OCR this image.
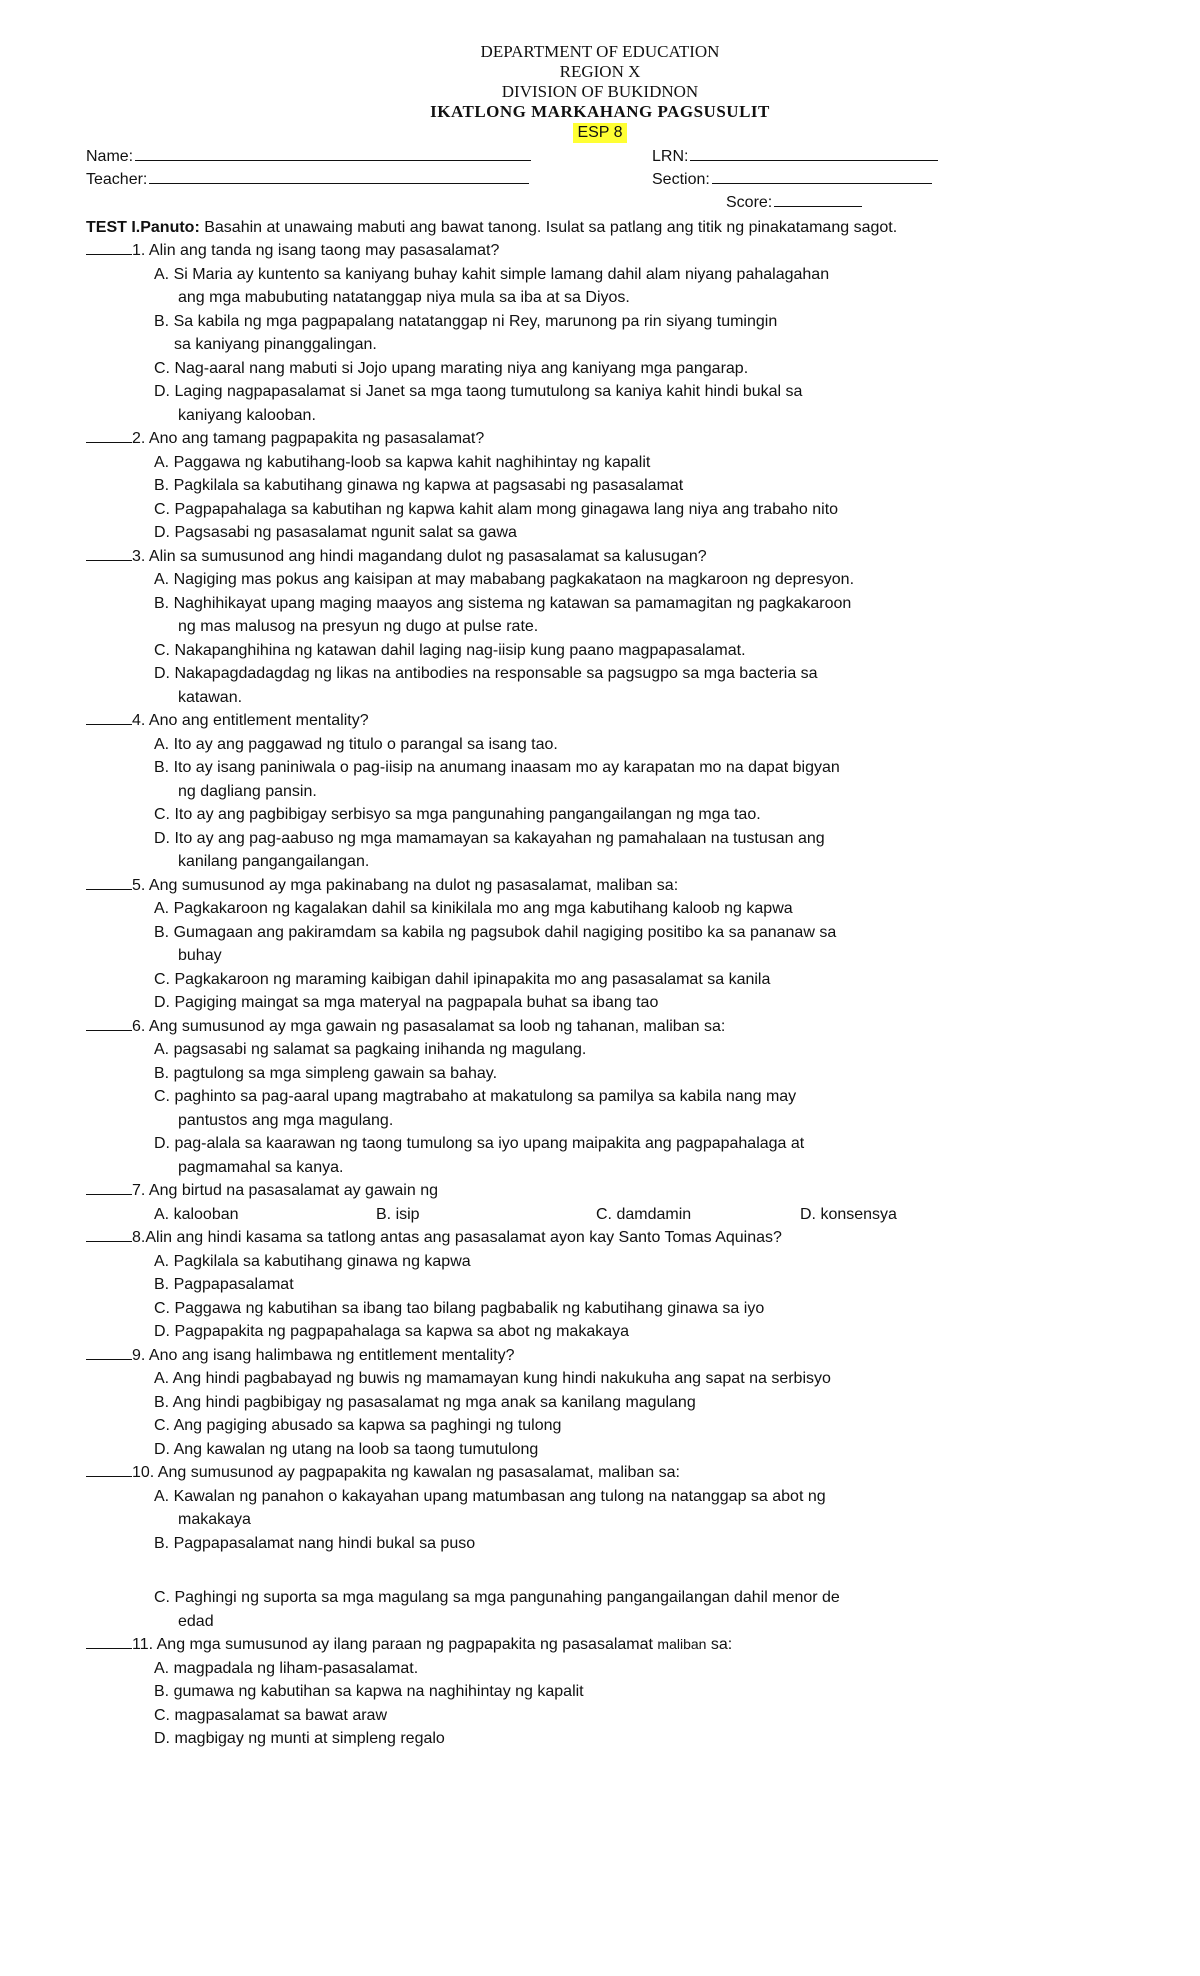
DEPARTMENT OF EDUCATION
REGION X
DIVISION OF BUKIDNON
IKATLONG MARKAHANG PAGSUSULIT
ESP 8
Name:	LRN:
Teacher:	Section:
Score:
TEST I.Panuto: Basahin at unawaing mabuti ang bawat tanong. Isulat sa patlang ang titik ng pinakatamang sagot.
1. Alin ang tanda ng isang taong may pasasalamat?
A. Si Maria ay kuntento sa kaniyang buhay kahit simple lamang dahil alam niyang pahalagahan
ang mga mabubuting natatanggap niya mula sa iba at sa Diyos.
B. Sa kabila ng mga pagpapalang natatanggap ni Rey, marunong pa rin siyang tumingin
sa kaniyang pinanggalingan.
C. Nag-aaral nang mabuti si Jojo upang marating niya ang kaniyang mga pangarap.
D. Laging nagpapasalamat si Janet sa mga taong tumutulong sa kaniya kahit hindi bukal sa
kaniyang kalooban.
2. Ano ang tamang pagpapakita ng pasasalamat?
A. Paggawa ng kabutihang-loob sa kapwa kahit naghihintay ng kapalit
B. Pagkilala sa kabutihang ginawa ng kapwa at pagsasabi ng pasasalamat
C. Pagpapahalaga sa kabutihan ng kapwa kahit alam mong ginagawa lang niya ang trabaho nito
D. Pagsasabi ng pasasalamat ngunit salat sa gawa
3. Alin sa sumusunod ang hindi magandang dulot ng pasasalamat sa kalusugan?
A. Nagiging mas pokus ang kaisipan at may mababang pagkakataon na magkaroon ng depresyon.
B. Naghihikayat upang maging maayos ang sistema ng katawan sa pamamagitan ng pagkakaroon
ng mas malusog na presyun ng dugo at pulse rate.
C. Nakapanghihina ng katawan dahil laging nag-iisip kung paano magpapasalamat.
D. Nakapagdadagdag ng likas na antibodies na responsable sa pagsugpo sa mga bacteria sa
katawan.
4. Ano ang entitlement mentality?
A. Ito ay ang paggawad ng titulo o parangal sa isang tao.
B. Ito ay isang paniniwala o pag-iisip na anumang inaasam mo ay karapatan mo na dapat bigyan
ng dagliang pansin.
C. Ito ay ang pagbibigay serbisyo sa mga pangunahing pangangailangan ng mga tao.
D. Ito ay ang pag-aabuso ng mga mamamayan sa kakayahan ng pamahalaan na tustusan ang
kanilang pangangailangan.
5. Ang sumusunod ay mga pakinabang na dulot ng pasasalamat, maliban sa:
A. Pagkakaroon ng kagalakan dahil sa kinikilala mo ang mga kabutihang kaloob ng kapwa
B. Gumagaan ang pakiramdam sa kabila ng pagsubok dahil nagiging positibo ka sa pananaw sa
buhay
C. Pagkakaroon ng maraming kaibigan dahil ipinapakita mo ang pasasalamat sa kanila
D. Pagiging maingat sa mga materyal na pagpapala buhat sa ibang tao
6. Ang sumusunod ay mga gawain ng pasasalamat sa loob ng tahanan, maliban sa:
A. pagsasabi ng salamat sa pagkaing inihanda ng magulang.
B. pagtulong sa mga simpleng gawain sa bahay.
C. paghinto sa pag-aaral upang magtrabaho at makatulong sa pamilya sa kabila nang may
pantustos ang mga magulang.
D. pag-alala sa kaarawan ng taong tumulong sa iyo upang maipakita ang pagpapahalaga at
pagmamahal sa kanya.
7. Ang birtud na pasasalamat ay gawain ng
A. kalooban	B. isip	C. damdamin	D. konsensya
8.Alin ang hindi kasama sa tatlong antas ang pasasalamat ayon kay Santo Tomas Aquinas?
A. Pagkilala sa kabutihang ginawa ng kapwa
B. Pagpapasalamat
C. Paggawa ng kabutihan sa ibang tao bilang pagbabalik ng kabutihang ginawa sa iyo
D. Pagpapakita ng pagpapahalaga sa kapwa sa abot ng makakaya
9. Ano ang isang halimbawa ng entitlement mentality?
A. Ang hindi pagbabayad ng buwis ng mamamayan kung hindi nakukuha ang sapat na serbisyo
B. Ang hindi pagbibigay ng pasasalamat ng mga anak sa kanilang magulang
C. Ang pagiging abusado sa kapwa sa paghingi ng tulong
D. Ang kawalan ng utang na loob sa taong tumutulong
10. Ang sumusunod ay pagpapakita ng kawalan ng pasasalamat, maliban sa:
A. Kawalan ng panahon o kakayahan upang matumbasan ang tulong na natanggap sa abot ng
makakaya
B. Pagpapasalamat nang hindi bukal sa puso
C. Paghingi ng suporta sa mga magulang sa mga pangunahing pangangailangan dahil menor de
edad
11. Ang mga sumusunod ay ilang paraan ng pagpapakita ng pasasalamat maliban sa:
A. magpadala ng liham-pasasalamat.
B. gumawa ng kabutihan sa kapwa na naghihintay ng kapalit
C. magpasalamat sa bawat araw
D. magbigay ng munti at simpleng regalo
